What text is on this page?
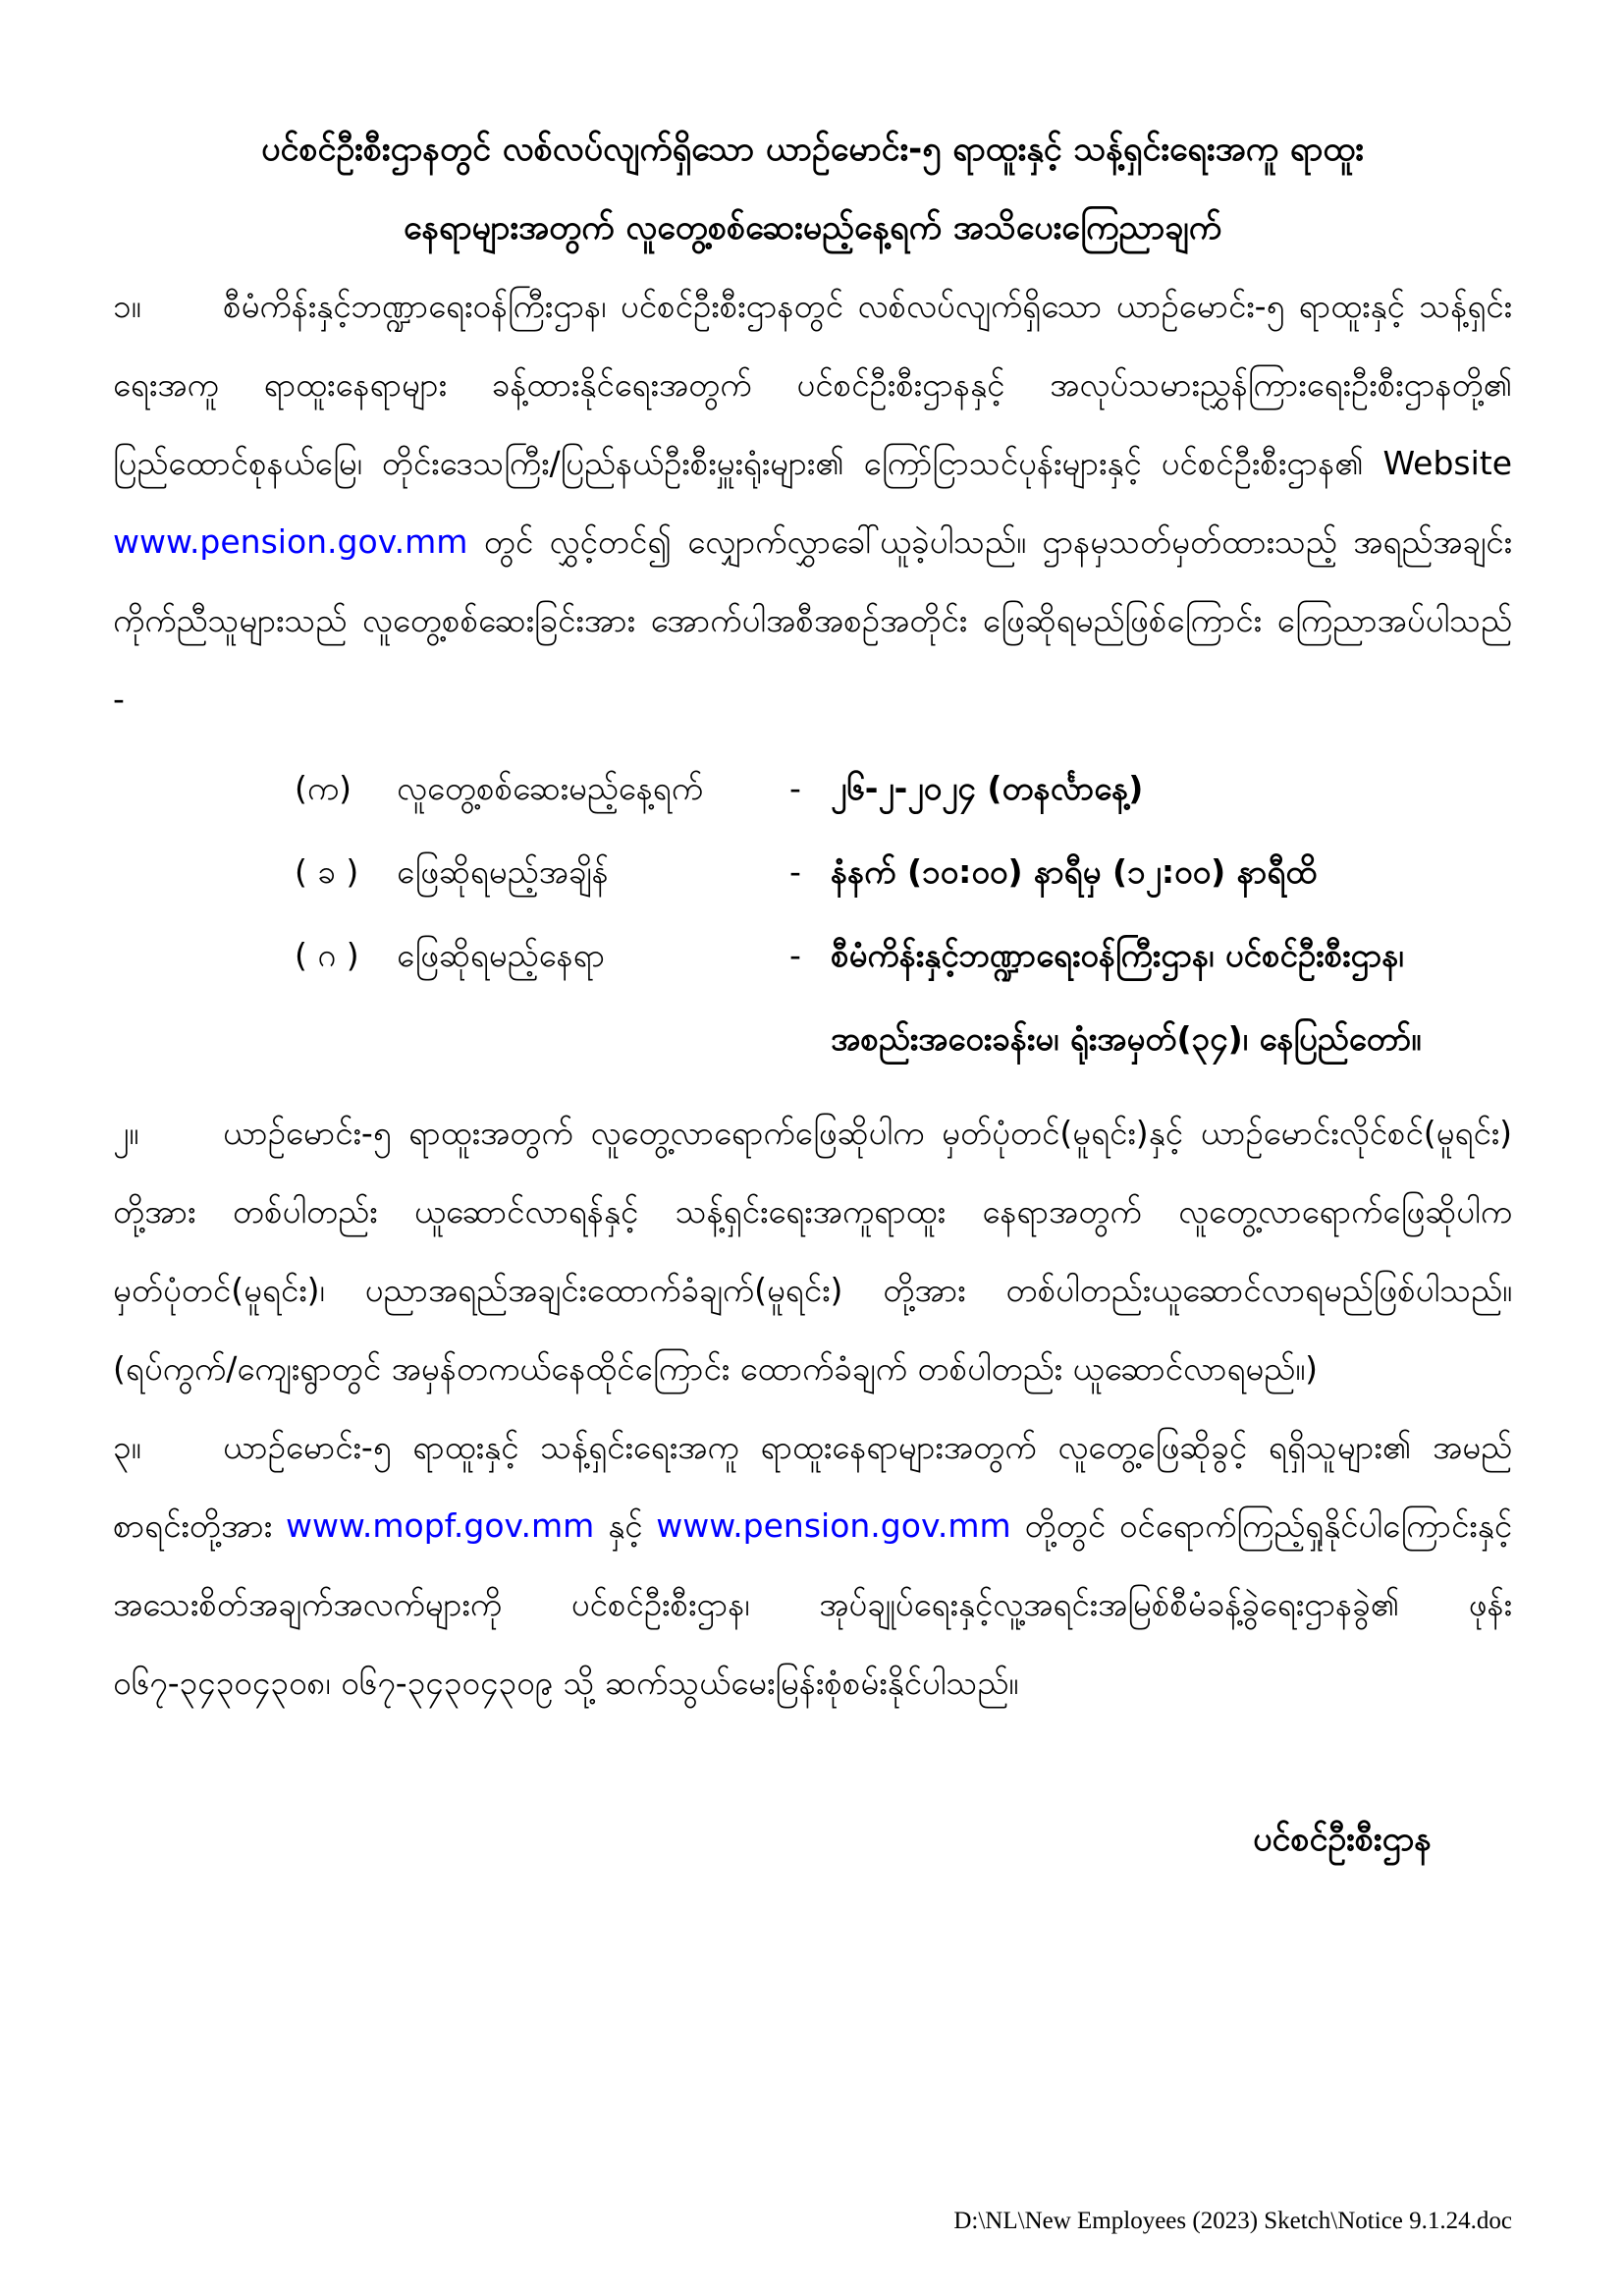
ပင်စင်ဦးစီးဌာနတွင် လစ်လပ်လျက်ရှိသော ယာဉ်မောင်း-၅ ရာထူးနှင့် သန့်ရှင်းရေးအကူ ရာထူး
နေရာများအတွက် လူတွေ့စစ်ဆေးမည့်နေ့ရက် အသိပေးကြေညာချက်

၁။	စီမံကိန်းနှင့်ဘဏ္ဍာရေးဝန်ကြီးဌာန၊ ပင်စင်ဦးစီးဌာနတွင် လစ်လပ်လျက်ရှိသော ယာဉ်မောင်း-၅ ရာထူးနှင့် သန့်ရှင်းရေးအကူ ရာထူးနေရာများ ခန့်ထားနိုင်ရေးအတွက် ပင်စင်ဦးစီးဌာနနှင့် အလုပ်သမားညွှန်ကြားရေးဦးစီးဌာနတို့၏ ပြည်ထောင်စုနယ်မြေ၊ တိုင်းဒေသကြီး/ပြည်နယ်ဦးစီးမှူးရုံးများ၏ ကြော်ငြာသင်ပုန်းများနှင့် ပင်စင်ဦးစီးဌာန၏ Website www.pension.gov.mm တွင် လွှင့်တင်၍ လျှောက်လွှာခေါ်ယူခဲ့ပါသည်။ ဌာနမှသတ်မှတ်ထားသည့် အရည်အချင်းကိုက်ညီသူများသည် လူတွေ့စစ်ဆေးခြင်းအား အောက်ပါအစီအစဉ်အတိုင်း ဖြေဆိုရမည်ဖြစ်ကြောင်း ကြေညာအပ်ပါသည် -

(က)	လူတွေ့စစ်ဆေးမည့်နေ့ရက်	- ၂၆-၂-၂၀၂၄ (တနင်္လာနေ့)
( ခ )	ဖြေဆိုရမည့်အချိန်	- နံနက် (၁၀:၀၀) နာရီမှ (၁၂:၀၀) နာရီထိ
( ဂ )	ဖြေဆိုရမည့်နေရာ	- စီမံကိန်းနှင့်ဘဏ္ဍာရေးဝန်ကြီးဌာန၊ ပင်စင်ဦးစီးဌာန၊
အစည်းအဝေးခန်းမ၊ ရုံးအမှတ်(၃၄)၊ နေပြည်တော်။

၂။	ယာဉ်မောင်း-၅ ရာထူးအတွက် လူတွေ့လာရောက်ဖြေဆိုပါက မှတ်ပုံတင်(မူရင်း)နှင့် ယာဉ်မောင်းလိုင်စင်(မူရင်း) တို့အား တစ်ပါတည်း ယူဆောင်လာရန်နှင့် သန့်ရှင်းရေးအကူရာထူး နေရာအတွက် လူတွေ့လာရောက်ဖြေဆိုပါက မှတ်ပုံတင်(မူရင်း)၊ ပညာအရည်အချင်းထောက်ခံချက်(မူရင်း) တို့အား တစ်ပါတည်းယူဆောင်လာရမည်ဖြစ်ပါသည်။(ရပ်ကွက်/ကျေးရွာတွင် အမှန်တကယ်နေထိုင်ကြောင်း ထောက်ခံချက် တစ်ပါတည်း ယူဆောင်လာရမည်။)

၃။	ယာဉ်မောင်း-၅ ရာထူးနှင့် သန့်ရှင်းရေးအကူ ရာထူးနေရာများအတွက် လူတွေ့ဖြေဆိုခွင့် ရရှိသူများ၏ အမည်စာရင်းတို့အား www.mopf.gov.mm နှင့် www.pension.gov.mm တို့တွင် ဝင်ရောက်ကြည့်ရှုနိုင်ပါကြောင်းနှင့် အသေးစိတ်အချက်အလက်များကို ပင်စင်ဦးစီးဌာန၊ အုပ်ချုပ်ရေးနှင့်လူ့အရင်းအမြစ်စီမံခန့်ခွဲရေးဌာနခွဲ၏ ဖုန်း ၀၆၇-၃၄၃၀၄၃၀၈၊ ၀၆၇-၃၄၃၀၄၃၀၉ သို့ ဆက်သွယ်မေးမြန်းစုံစမ်းနိုင်ပါသည်။

ပင်စင်ဦးစီးဌာန
D:\NL\New Employees (2023) Sketch\Notice 9.1.24.doc
